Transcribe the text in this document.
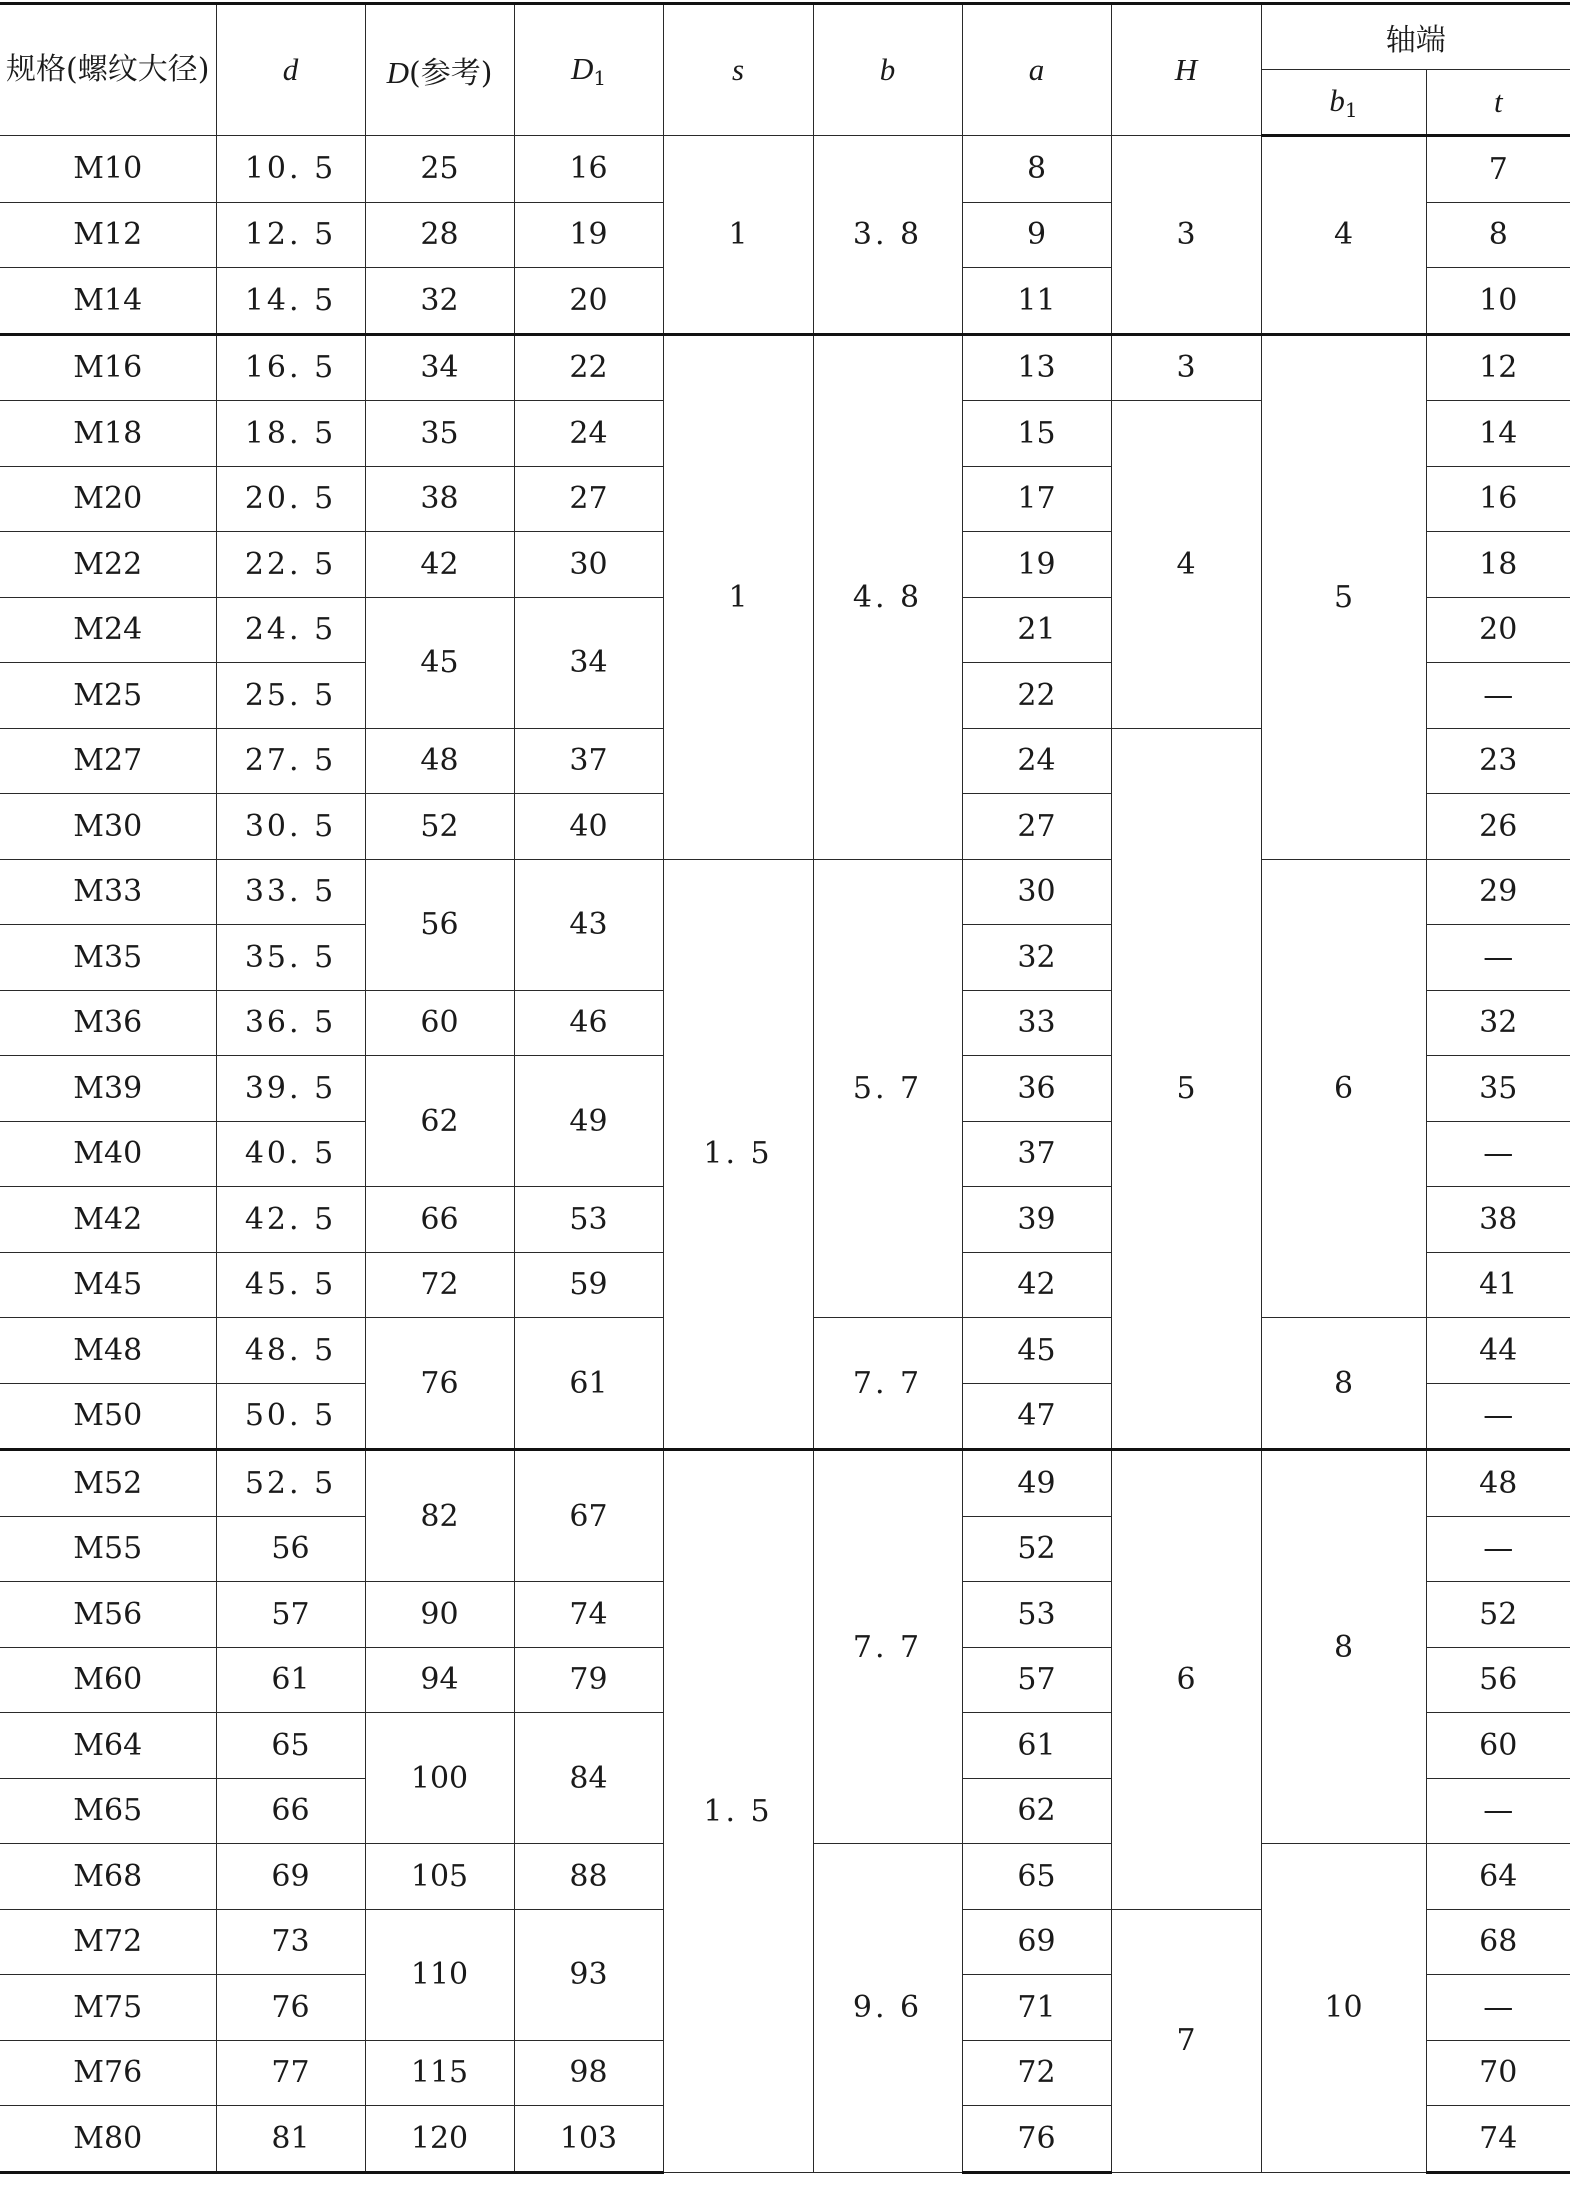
规格(螺纹大径)	d	D(参考)	$D_1$	s	b	a	H	轴端	
								$b_1$	t
M10	10. 5	25	16	1	3. 8	8	3	4	7
M12	12. 5	28	19			9			8
M14	14. 5	32	20			11			10
M16	16. 5	34	22	1	4. 8	13	3	5	12
M18	18. 5	35	24			15	4		14
M20	20. 5	38	27			17			16
M22	22. 5	42	30			19			18
M24	24. 5	45	34			21			20
M25	25. 5					22			—
M27	27. 5	48	37			24	5		23
M30	30. 5	52	40			27			26
M33	33. 5	56	43	1. 5	5. 7	30		6	29
M35	35. 5					32			—
M36	36. 5	60	46			33			32
M39	39. 5	62	49			36			35
M40	40. 5					37			—
M42	42. 5	66	53			39			38
M45	45. 5	72	59			42			41
M48	48. 5	76	61		7. 7	45		8	44
M50	50. 5					47			—
M52	52. 5	82	67	1. 5	7. 7	49	6	8	48
M55	56					52			—
M56	57	90	74			53			52
M60	61	94	79			57			56
M64	65	100	84			61			60
M65	66					62			—
M68	69	105	88		9. 6	65		10	64
M72	73	110	93			69	7		68
M75	76					71			—
M76	77	115	98			72			70
M80	81	120	103			76			74
